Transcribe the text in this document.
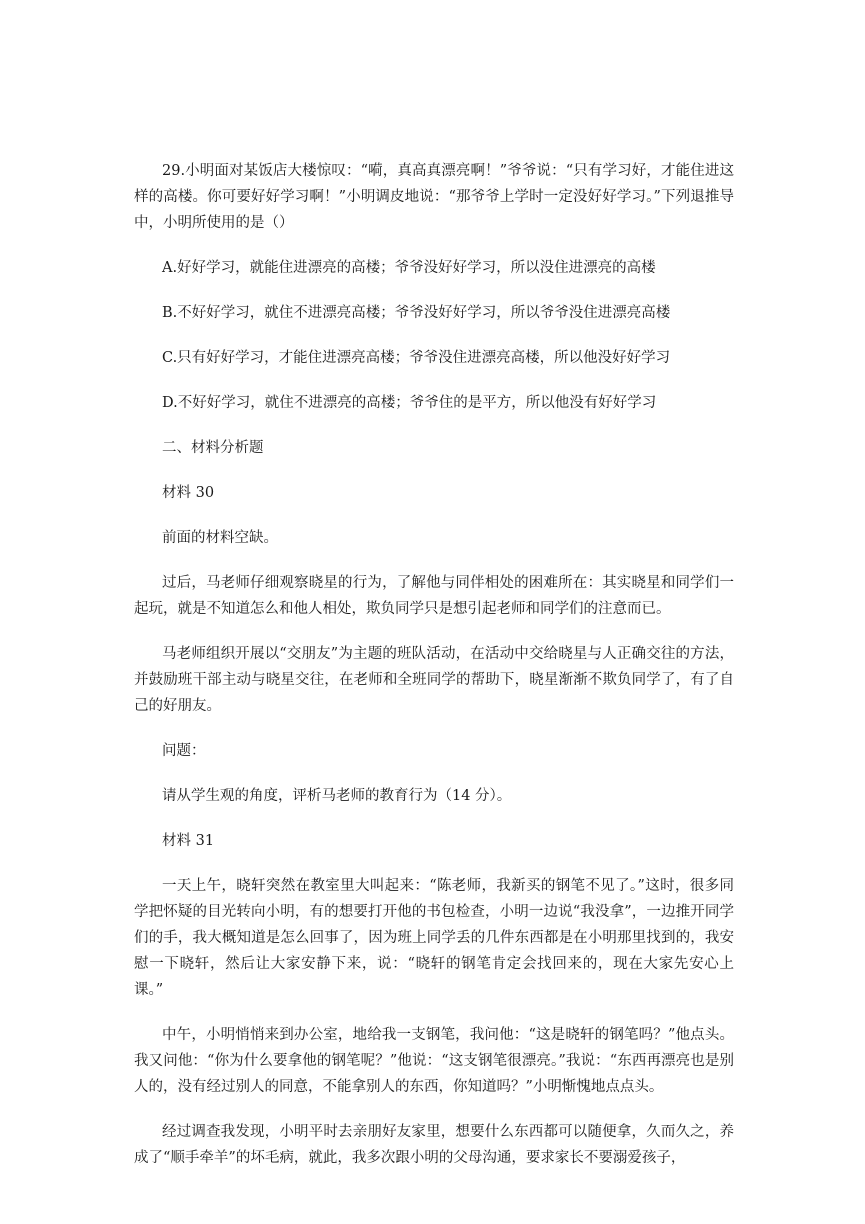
29.小明面对某饭店大楼惊叹：“嗬，真高真漂亮啊！”爷爷说：“只有学习好，才能住进这样的高楼。你可要好好学习啊！”小明调皮地说：“那爷爷上学时一定没好好学习。”下列退推导中，小明所使用的是（）

A.好好学习，就能住进漂亮的高楼；爷爷没好好学习，所以没住进漂亮的高楼

B.不好好学习，就住不进漂亮高楼；爷爷没好好学习，所以爷爷没住进漂亮高楼

C.只有好好学习，才能住进漂亮高楼；爷爷没住进漂亮高楼，所以他没好好学习

D.不好好学习，就住不进漂亮的高楼；爷爷住的是平方，所以他没有好好学习

二、材料分析题

材料 30

前面的材料空缺。

过后，马老师仔细观察晓星的行为，了解他与同伴相处的困难所在：其实晓星和同学们一起玩，就是不知道怎么和他人相处，欺负同学只是想引起老师和同学们的注意而已。

马老师组织开展以“交朋友”为主题的班队活动，在活动中交给晓星与人正确交往的方法，并鼓励班干部主动与晓星交往，在老师和全班同学的帮助下，晓星渐渐不欺负同学了，有了自己的好朋友。

问题：

请从学生观的角度，评析马老师的教育行为（14 分）。

材料 31

一天上午，晓轩突然在教室里大叫起来：“陈老师，我新买的钢笔不见了。”这时，很多同学把怀疑的目光转向小明，有的想要打开他的书包检查，小明一边说“我没拿”，一边推开同学们的手，我大概知道是怎么回事了，因为班上同学丢的几件东西都是在小明那里找到的，我安慰一下晓轩，然后让大家安静下来，说：“晓轩的钢笔肯定会找回来的，现在大家先安心上课。”

中午，小明悄悄来到办公室，地给我一支钢笔，我问他：“这是晓轩的钢笔吗？”他点头。我又问他：“你为什么要拿他的钢笔呢？”他说：“这支钢笔很漂亮。”我说：“东西再漂亮也是别人的，没有经过别人的同意，不能拿别人的东西，你知道吗？”小明惭愧地点点头。

经过调查我发现，小明平时去亲朋好友家里，想要什么东西都可以随便拿，久而久之，养成了“顺手牵羊”的坏毛病，就此，我多次跟小明的父母沟通，要求家长不要溺爱孩子，
